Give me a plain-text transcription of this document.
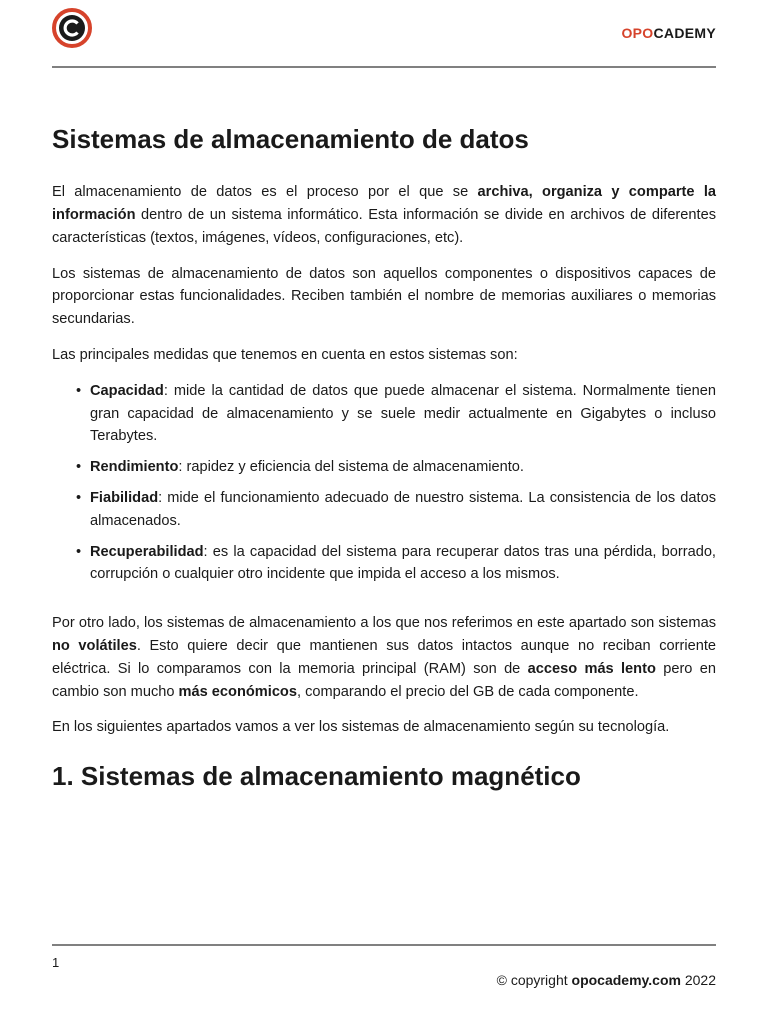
OPOCADEMY
Sistemas de almacenamiento de datos

El almacenamiento de datos es el proceso por el que se archiva, organiza y comparte la información dentro de un sistema informático. Esta información se divide en archivos de diferentes características (textos, imágenes, vídeos, configuraciones, etc).

Los sistemas de almacenamiento de datos son aquellos componentes o dispositivos capaces de proporcionar estas funcionalidades. Reciben también el nombre de memorias auxiliares o memorias secundarias.

Las principales medidas que tenemos en cuenta en estos sistemas son:

• Capacidad: mide la cantidad de datos que puede almacenar el sistema. Normalmente tienen gran capacidad de almacenamiento y se suele medir actualmente en Gigabytes o incluso Terabytes.
• Rendimiento: rapidez y eficiencia del sistema de almacenamiento.
• Fiabilidad: mide el funcionamiento adecuado de nuestro sistema. La consistencia de los datos almacenados.
• Recuperabilidad: es la capacidad del sistema para recuperar datos tras una pérdida, borrado, corrupción o cualquier otro incidente que impida el acceso a los mismos.

Por otro lado, los sistemas de almacenamiento a los que nos referimos en este apartado son sistemas no volátiles. Esto quiere decir que mantienen sus datos intactos aunque no reciban corriente eléctrica. Si lo comparamos con la memoria principal (RAM) son de acceso más lento pero en cambio son mucho más económicos, comparando el precio del GB de cada componente.

En los siguientes apartados vamos a ver los sistemas de almacenamiento según su tecnología.

1. Sistemas de almacenamiento magnético
1
© copyright opocademy.com 2022
